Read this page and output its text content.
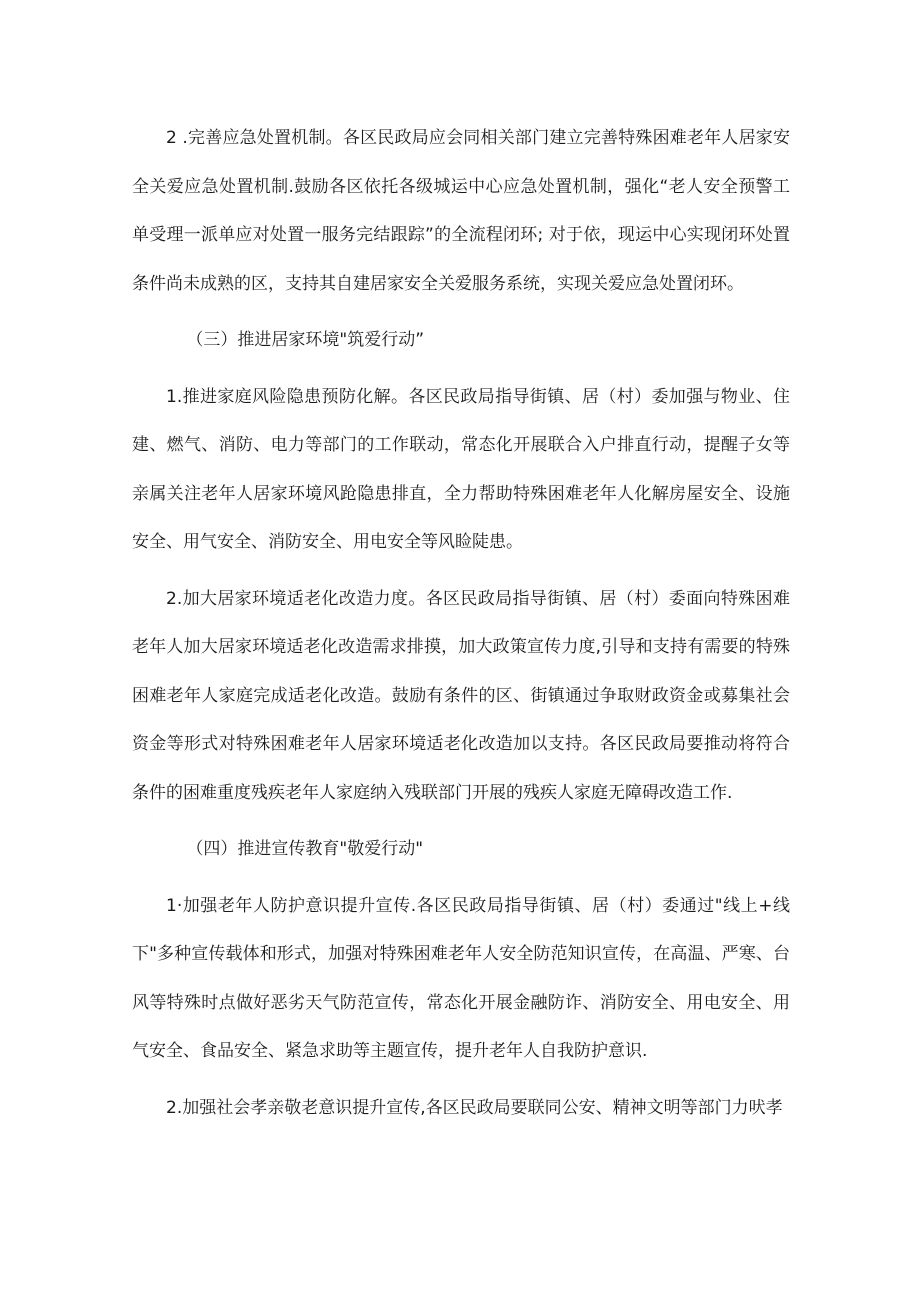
2 .完善应急处置机制。各区民政局应会同相关部门建立完善特殊困难老年人居家安全关爱应急处置机制.鼓励各区依托各级城运中心应急处置机制，强化“老人安全预警工单受理一派单应对处置一服务完结跟踪”的全流程闭环; 对于依，现运中心实现闭环处置条件尚未成熟的区，支持其自建居家安全关爱服务系统，实现关爱应急处置闭环。

（三）推进居家环境"筑爱行动”

1.推进家庭风险隐患预防化解。各区民政局指导街镇、居（村）委加强与物业、住建、燃气、消防、电力等部门的工作联动，常态化开展联合入户排直行动，提醒子女等亲属关注老年人居家环境风跄隐患排直，全力帮助特殊困难老年人化解房屋安全、设施安全、用气安全、消防安全、用电安全等风睑陡患。

2.加大居家环境适老化改造力度。各区民政局指导街镇、居（村）委面向特殊困难老年人加大居家环境适老化改造需求排摸，加大政策宣传力度,引导和支持有需要的特殊困难老年人家庭完成适老化改造。鼓励有条件的区、街镇通过争取财政资金或募集社会资金等形式对特殊困难老年人居家环境适老化改造加以支持。各区民政局要推动将符合条件的困难重度残疾老年人家庭纳入残联部门开展的残疾人家庭无障碍改造工作.

（四）推进宣传教育"敬爱行动"

1·加强老年人防护意识提升宣传.各区民政局指导街镇、居（村）委通过"线上+线下"多种宣传载体和形式，加强对特殊困难老年人安全防范知识宣传，在高温、严寒、台风等特殊时点做好恶劣天气防范宣传，常态化开展金融防诈、消防安全、用电安全、用气安全、食品安全、紧急求助等主题宣传，提升老年人自我防护意识.

2.加强社会孝亲敬老意识提升宣传,各区民政局要联同公安、精神文明等部门力吠孝
